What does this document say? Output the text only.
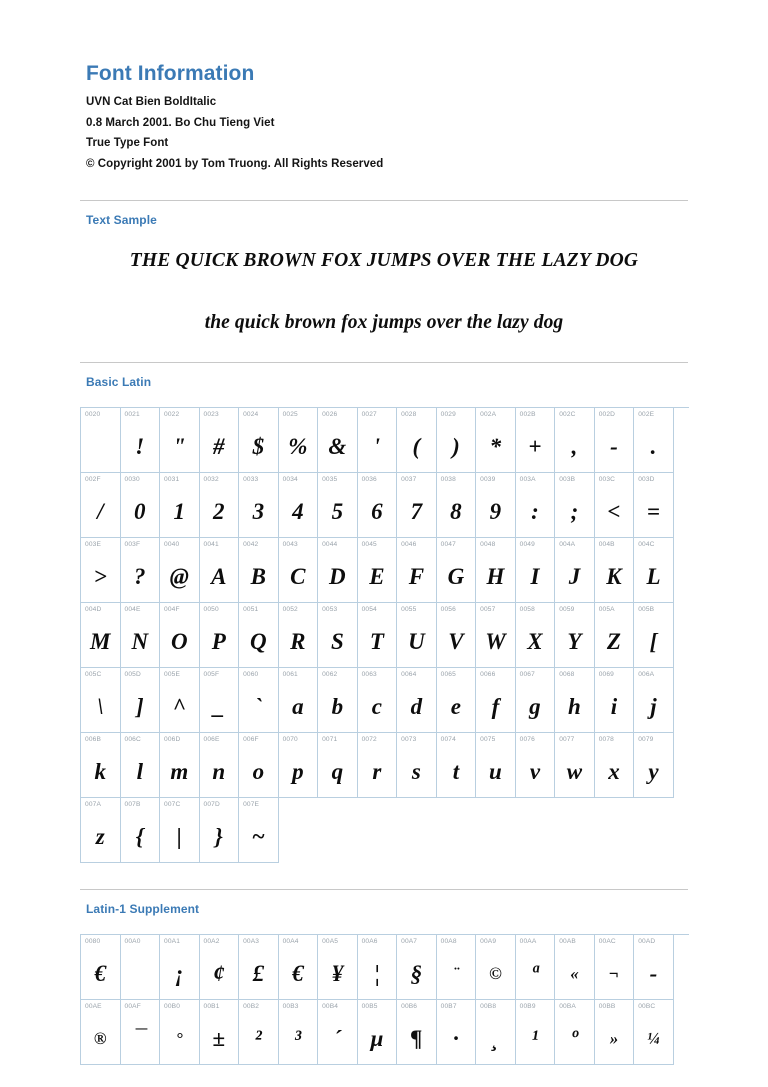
Font Information
UVN Cat Bien BoldItalic
0.8 March 2001. Bo Chu Tieng Viet
True Type Font
© Copyright 2001 by Tom Truong. All Rights Reserved
Text Sample
THE QUICK BROWN FOX JUMPS OVER THE LAZY DOG
the quick brown fox jumps over the lazy dog
Basic Latin
0020	0021
!
0022
"
0023
#
0024
$
0025
%
0026
&
0027
'
0028
(
0029
)
002A
*
002B
+
002C
,
002D
-
002E
.
002F
/
0030
0
0031
1
0032
2
0033
3
0034
4
0035
5
0036
6
0037
7
0038
8
0039
9
003A
:
003B
;
003C
<
003D
=
003E
>
003F
?
0040
@
0041
A
0042
B
0043
C
0044
D
0045
E
0046
F
0047
G
0048
H
0049
I
004A
J
004B
K
004C
L
004D
M
004E
N
004F
O
0050
P
0051
Q
0052
R
0053
S
0054
T
0055
U
0056
V
0057
W
0058
X
0059
Y
005A
Z
005B
[
005C
\
005D
]
005E
^
005F
_
0060
`
0061
a
0062
b
0063
c
0064
d
0065
e
0066
f
0067
g
0068
h
0069
i
006A
j
006B
k
006C
l
006D
m
006E
n
006F
o
0070
p
0071
q
0072
r
0073
s
0074
t
0075
u
0076
v
0077
w
0078
x
0079
y
007A
z
007B
{
007C
|
007D
}
007E
~
Latin-1 Supplement
0080
€
00A0	00A1
¡
00A2
¢
00A3
£
00A4
€
00A5
¥
00A6
¦
00A7
§
00A8
¨
00A9
©
00AA
ª
00AB
«
00AC
¬
00AD
-
00AE
®
00AF
¯
00B0
°
00B1
±
00B2
²
00B3
³
00B4
´
00B5
µ
00B6
¶
00B7
·
00B8
¸
00B9
¹
00BA
º
00BB
»
00BC
¼
